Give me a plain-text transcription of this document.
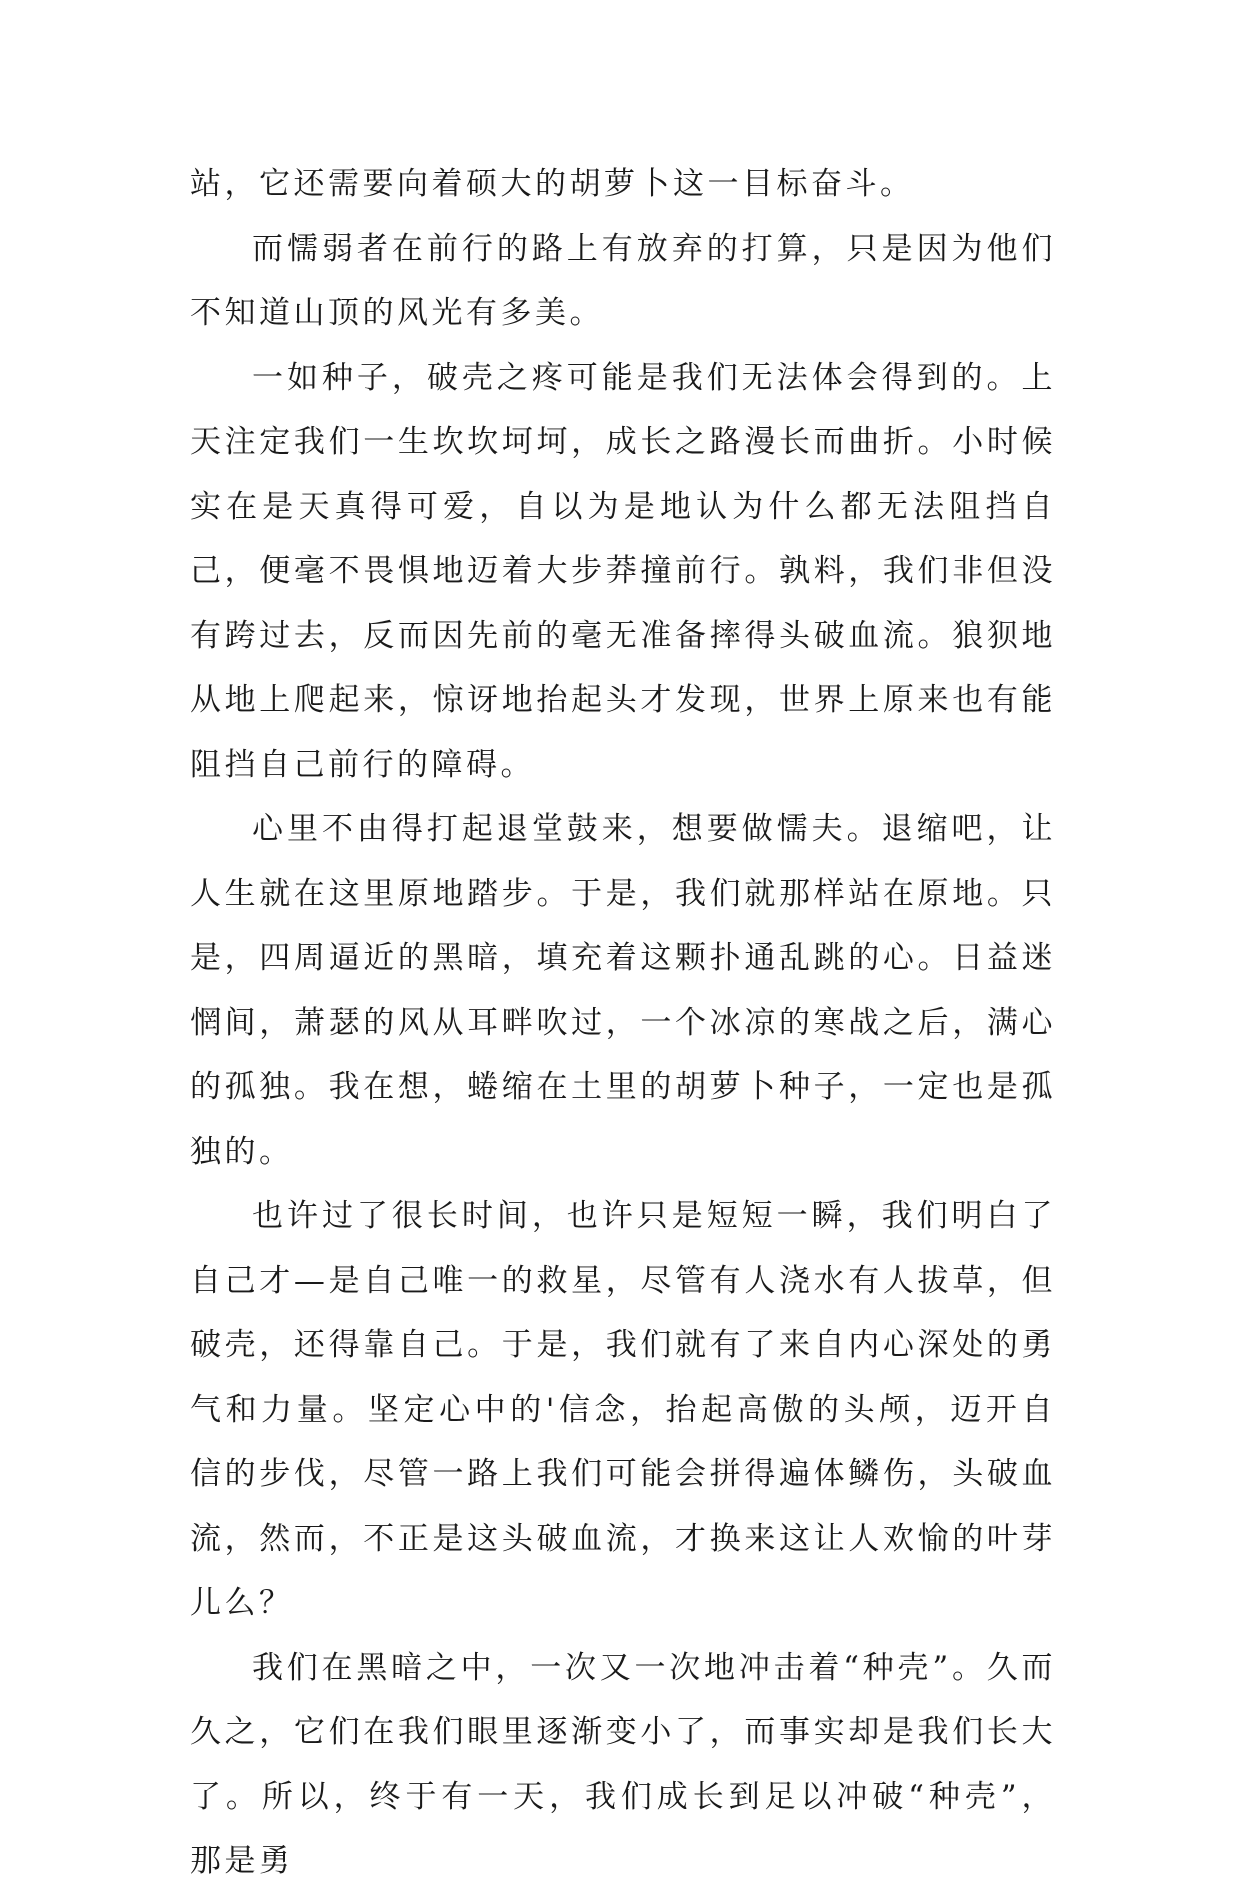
站，它还需要向着硕大的胡萝卜这一目标奋斗。

而懦弱者在前行的路上有放弃的打算，只是因为他们不知道山顶的风光有多美。

一如种子，破壳之疼可能是我们无法体会得到的。上天注定我们一生坎坎坷坷，成长之路漫长而曲折。小时候实在是天真得可爱，自以为是地认为什么都无法阻挡自己，便毫不畏惧地迈着大步莽撞前行。孰料，我们非但没有跨过去，反而因先前的毫无准备摔得头破血流。狼狈地从地上爬起来，惊讶地抬起头才发现，世界上原来也有能阻挡自己前行的障碍。

心里不由得打起退堂鼓来，想要做懦夫。退缩吧，让人生就在这里原地踏步。于是，我们就那样站在原地。只是，四周逼近的黑暗，填充着这颗扑通乱跳的心。日益迷惘间，萧瑟的风从耳畔吹过，一个冰凉的寒战之后，满心的孤独。我在想，蜷缩在土里的胡萝卜种子，一定也是孤独的。

也许过了很长时间，也许只是短短一瞬，我们明白了自己才—是自己唯一的救星，尽管有人浇水有人拔草，但破壳，还得靠自己。于是，我们就有了来自内心深处的勇气和力量。坚定心中的'信念，抬起高傲的头颅，迈开自信的步伐，尽管一路上我们可能会拼得遍体鳞伤，头破血流，然而，不正是这头破血流，才换来这让人欢愉的叶芽儿么？

我们在黑暗之中，一次又一次地冲击着“种壳”。久而久之，它们在我们眼里逐渐变小了，而事实却是我们长大了。所以，终于有一天，我们成长到足以冲破“种壳”，那是勇
